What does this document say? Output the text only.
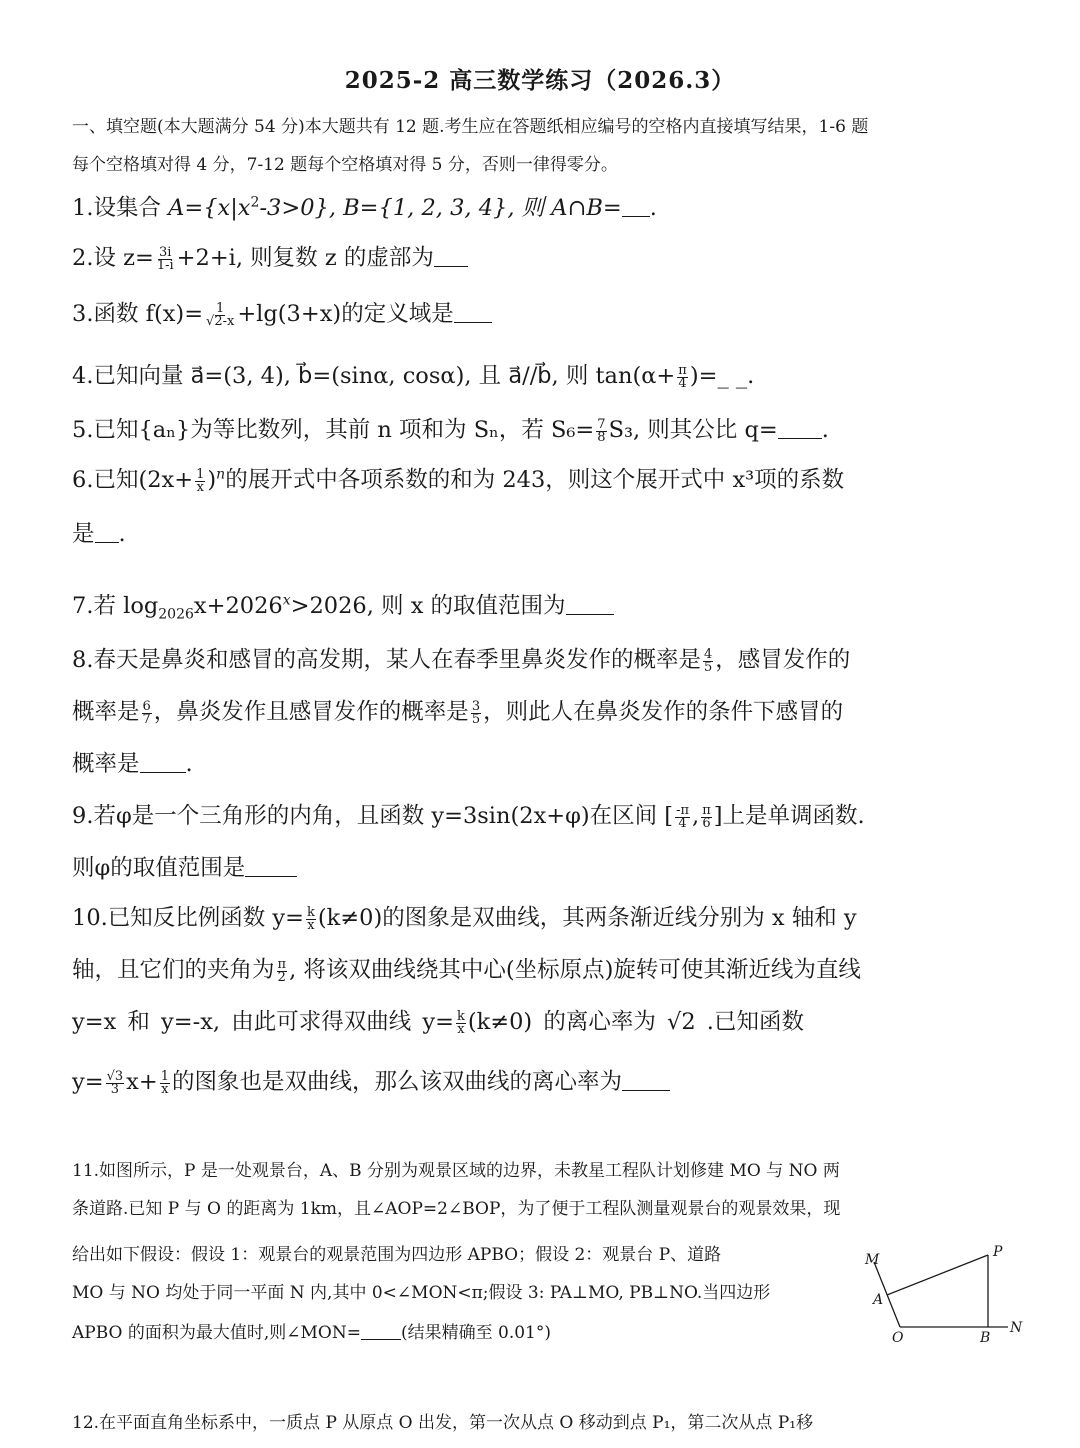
2025-2 高三数学练习（2026.3）
一、填空题(本大题满分 54 分)本大题共有 12 题.考生应在答题纸相应编号的空格内直接填写结果，1-6 题
每个空格填对得 4 分，7-12 题每个空格填对得 5 分，否则一律得零分。
1.设集合 $A=\{x|x^2-3>0\}$, B={1, 2, 3, 4}, 则 A∩B= .
2.设 $z= \frac{3i}{1-i} +2+i$, 则复数 z 的虚部为
3.函数 $f(x)= \frac{1}{√2-x} +\lg(3+x)$的定义域是
4.已知向量 a⃗=(3, 4), b⃗=(sinα, cosα), 且 a⃗//b⃗, 则 $\tan(\alpha+ \frac{\pi}{4}$ )=_ _.
5.已知{aₙ}为等比数列，其前 n 项和为 Sₙ，若 $S_6= \frac{7}{8} S_3$, 则其公比 q= .
6.已知$(2x+ \frac{1}{x} )^n$的展开式中各项系数的和为 243，则这个展开式中 x³项的系数
是 .
7.若 $\log_{2026}x+2026^x>2026$, 则 x 的取值范围为
8.春天是鼻炎和感冒的高发期，某人在春季里鼻炎发作的概率是 $\frac{4}{5}$ ，感冒发作的
概率是 $\frac{6}{7}$ ，鼻炎发作且感冒发作的概率是 $\frac{3}{5}$ ，则此人在鼻炎发作的条件下感冒的
概率是 .
9.若φ是一个三角形的内角，且函数 y=3sin(2x+φ)在区间 [ $\frac{-\pi}{4}$ , $\frac{\pi}{6}$ ]上是单调函数.
则φ的取值范围是
10.已知反比例函数 $y= \frac{k}{x} (k\ne 0)$的图象是双曲线，其两条渐近线分别为 x 轴和 y
轴，且它们的夹角为 $\frac{\pi}{2}$ , 将该双曲线绕其中心(坐标原点)旋转可使其渐近线为直线
y=x 和 y=-x, 由此可求得双曲线 $y= \frac{k}{x} (k\ne 0)$ 的离心率为 √2 .已知函数
$y= \frac{√3}{3} x+ \frac{1}{x}$ 的图象也是双曲线，那么该双曲线的离心率为
11.如图所示，P 是一处观景台，A、B 分别为观景区域的边界，未教星工程队计划修建 MO 与 NO 两
条道路.已知 P 与 O 的距离为 1km，且∠AOP=2∠BOP，为了便于工程队测量观景台的观景效果，现
给出如下假设：假设 1：观景台的观景范围为四边形 APBO；假设 2：观景台 P、道路
MO 与 NO 均处于同一平面 N 内,其中 0<∠MON<π;假设 3: PA⊥MO, PB⊥NO.当四边形
APBO 的面积为最大值时,则∠MON= (结果精确至 0.01°)
M	P
A
O	B
N
12.在平面直角坐标系中，一质点 P 从原点 O 出发，第一次从点 O 移动到点 P₁，第二次从点 P₁移
